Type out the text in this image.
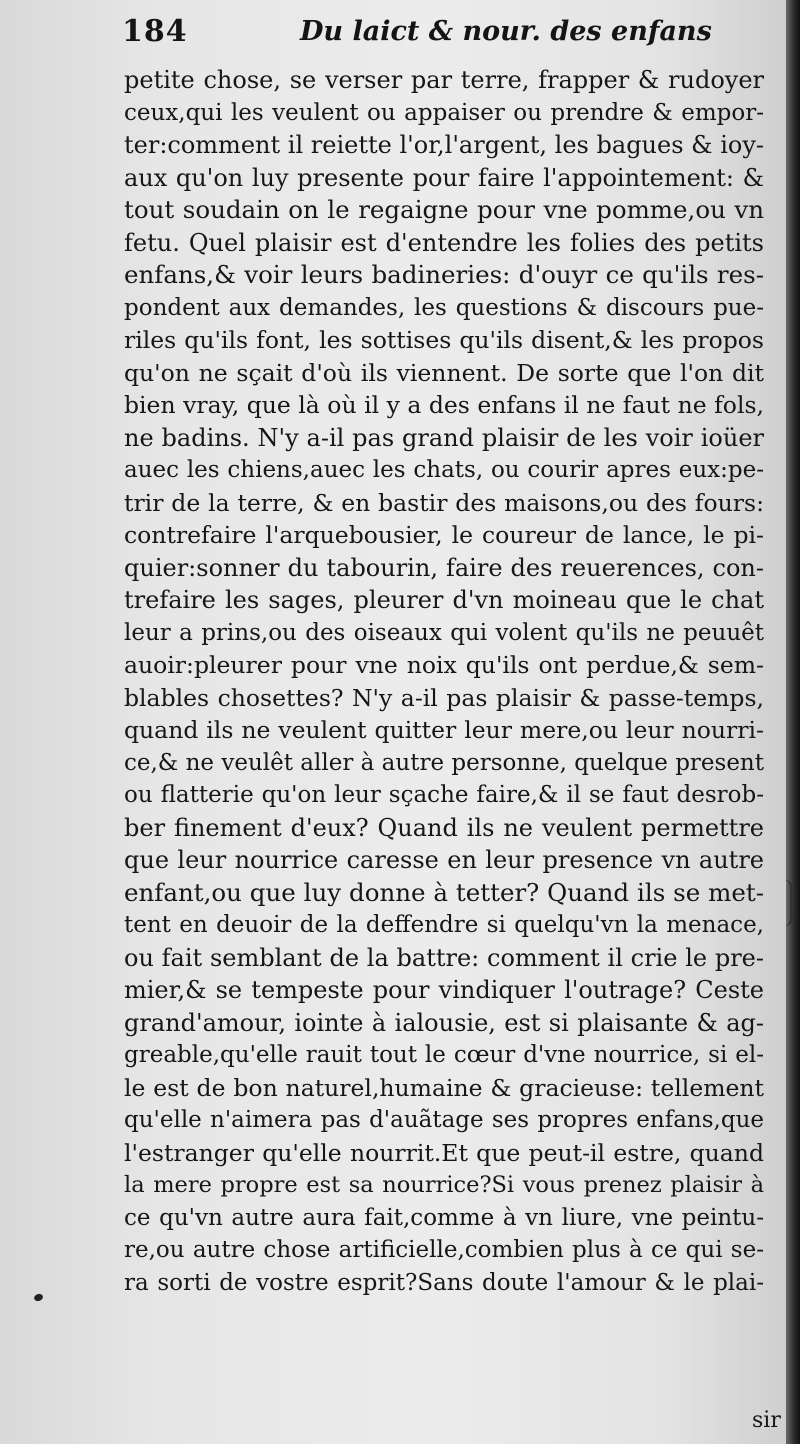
184	Du laict & nour. des enfans
petite chose, se verser par terre, frapper & rudoyer
ceux,qui les veulent ou appaiser ou prendre & empor-
ter:comment il reiette l'or,l'argent, les bagues & ioy-
aux qu'on luy presente pour faire l'appointement: &
tout soudain on le regaigne pour vne pomme,ou vn
fetu. Quel plaisir est d'entendre les folies des petits
enfans,& voir leurs badineries: d'ouyr ce qu'ils res-
pondent aux demandes, les questions & discours pue-
riles qu'ils font, les sottises qu'ils disent,& les propos
qu'on ne sçait d'où ils viennent. De sorte que l'on dit
bien vray, que là où il y a des enfans il ne faut ne fols,
ne badins. N'y a-il pas grand plaisir de les voir ioüer
auec les chiens,auec les chats, ou courir apres eux:pe-
trir de la terre, & en bastir des maisons,ou des fours:
contrefaire l'arquebousier, le coureur de lance, le pi-
quier:sonner du tabourin, faire des reuerences, con-
trefaire les sages, pleurer d'vn moineau que le chat
leur a prins,ou des oiseaux qui volent qu'ils ne peuuêt
auoir:pleurer pour vne noix qu'ils ont perdue,& sem-
blables chosettes? N'y a-il pas plaisir & passe-temps,
quand ils ne veulent quitter leur mere,ou leur nourri-
ce,& ne veulêt aller à autre personne, quelque present
ou flatterie qu'on leur sçache faire,& il se faut desrob-
ber finement d'eux? Quand ils ne veulent permettre
que leur nourrice caresse en leur presence vn autre
enfant,ou que luy donne à tetter? Quand ils se met-
tent en deuoir de la deffendre si quelqu'vn la menace,
ou fait semblant de la battre: comment il crie le pre-
mier,& se tempeste pour vindiquer l'outrage? Ceste
grand'amour, iointe à ialousie, est si plaisante & ag-
greable,qu'elle rauit tout le cœur d'vne nourrice, si el-
le est de bon naturel,humaine & gracieuse: tellement
qu'elle n'aimera pas d'auãtage ses propres enfans,que
l'estranger qu'elle nourrit.Et que peut-il estre, quand
la mere propre est sa nourrice?Si vous prenez plaisir à
ce qu'vn autre aura fait,comme à vn liure, vne peintu-
re,ou autre chose artificielle,combien plus à ce qui se-
ra sorti de vostre esprit?Sans doute l'amour & le plai-
sir
